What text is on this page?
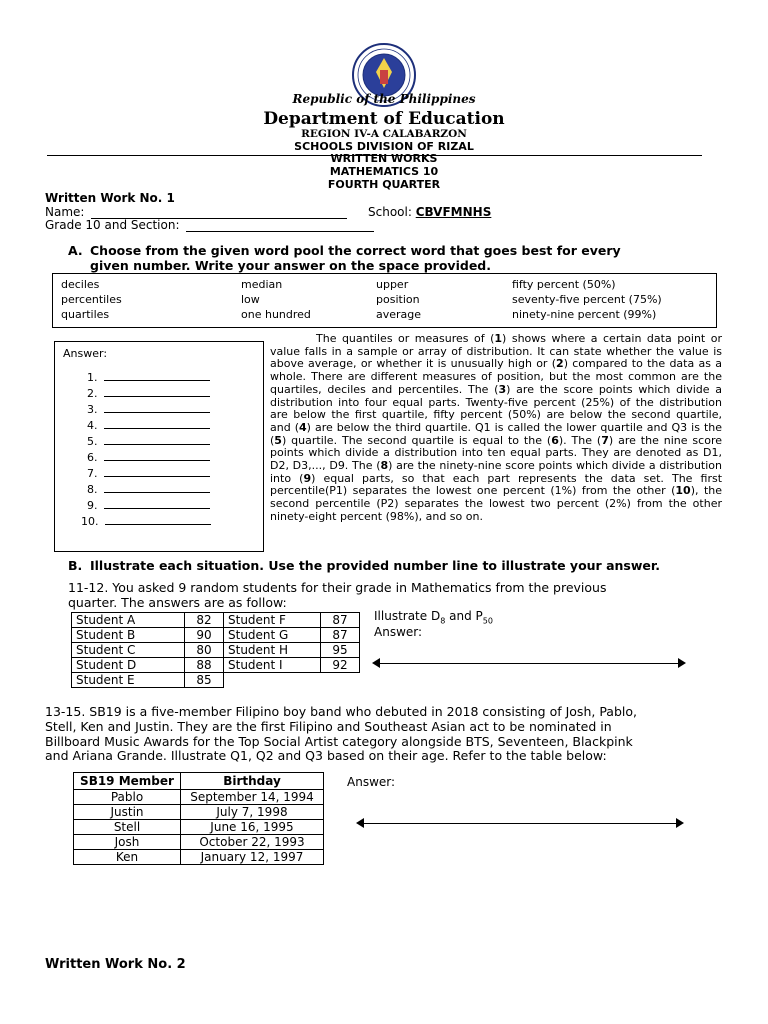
Republic of the Philippines
Department of Education
REGION IV-A CALABARZON
SCHOOLS DIVISION OF RIZAL
WRITTEN WORKS
MATHEMATICS 10
FOURTH QUARTER
Written Work No. 1
Name:	School: CBVFMNHS
Grade 10 and Section:
A. Choose from the given word pool the correct word that goes best for every
given number. Write your answer on the space provided.
deciles	median	upper	fifty percent (50%)
percentiles	low	position	seventy-five percent (75%)
quartiles	one hundred	average	ninety-nine percent (99%)
Answer:
1.
2.
3.
4.
5.
6.
7.
8.
9.
10.
The quantiles or measures of (1) shows where a certain data point or value falls in a sample or array of distribution. It can state whether the value is above average, or whether it is unusually high or (2) compared to the data as a whole. There are different measures of position, but the most common are the quartiles, deciles and percentiles. The (3) are the score points which divide a distribution into four equal parts. Twenty-five percent (25%) of the distribution are below the first quartile, fifty percent (50%) are below the second quartile, and (4) are below the third quartile. Q1 is called the lower quartile and Q3 is the (5) quartile. The second quartile is equal to the (6). The (7) are the nine score points which divide a distribution into ten equal parts. They are denoted as D1, D2, D3,..., D9. The (8) are the ninety-nine score points which divide a distribution into (9) equal parts, so that each part represents the data set. The first percentile(P1) separates the lowest one percent (1%) from the other (10), the second percentile (P2) separates the lowest two percent (2%) from the other ninety-eight percent (98%), and so on.
B. Illustrate each situation. Use the provided number line to illustrate your answer.
11-12. You asked 9 random students for their grade in Mathematics from the previous
quarter. The answers are as follow:
Student A	82	Student F	87
Student B	90	Student G	87
Student C	80	Student H	95
Student D	88	Student I	92
Student E	85		
Illustrate $D_8$ and $P_{50}$
Answer:
13-15. SB19 is a five-member Filipino boy band who debuted in 2018 consisting of Josh, Pablo,
Stell, Ken and Justin. They are the first Filipino and Southeast Asian act to be nominated in
Billboard Music Awards for the Top Social Artist category alongside BTS, Seventeen, Blackpink
and Ariana Grande. Illustrate Q1, Q2 and Q3 based on their age. Refer to the table below:
SB19 Member	Birthday
Pablo	September 14, 1994
Justin	July 7, 1998
Stell	June 16, 1995
Josh	October 22, 1993
Ken	January 12, 1997
Answer:
Written Work No. 2
